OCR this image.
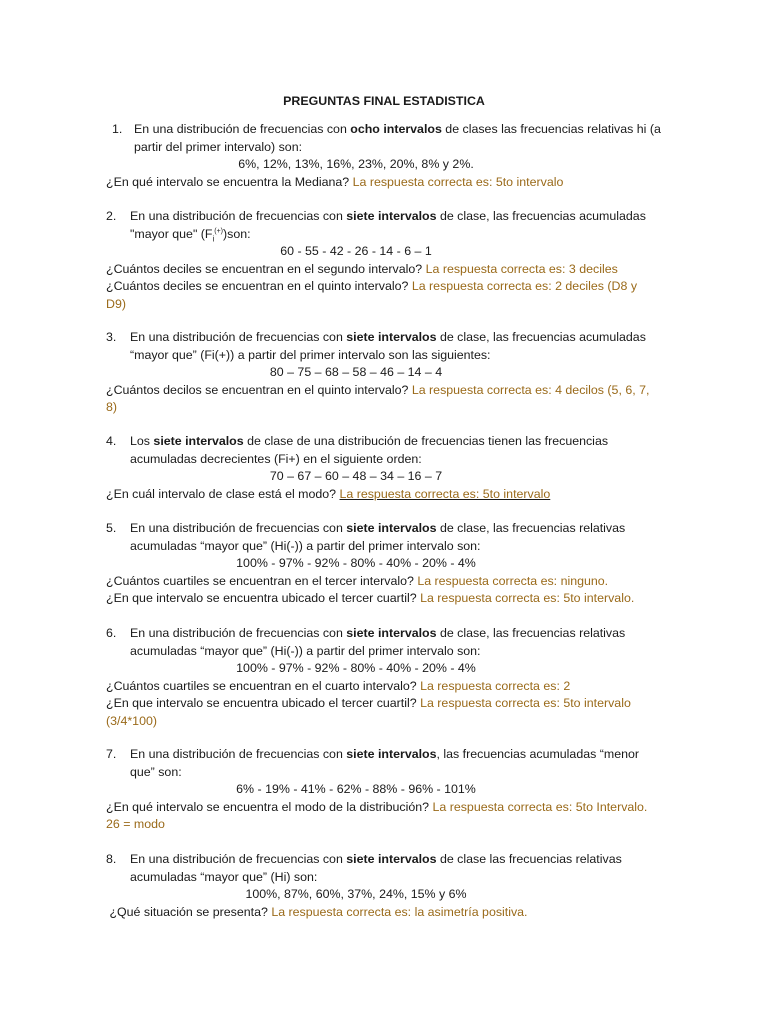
PREGUNTAS FINAL ESTADISTICA
1. En una distribución de frecuencias con ocho intervalos de clases las frecuencias relativas hi (a
partir del primer intervalo) son:
6%, 12%, 13%, 16%, 23%, 20%, 8% y 2%.
¿En qué intervalo se encuentra la Mediana? La respuesta correcta es: 5to intervalo
2.	En una distribución de frecuencias con siete intervalos de clase, las frecuencias acumuladas
"mayor que" $(F_i^{(+)})son$:
60 - 55 - 42 - 26 - 14 - 6 – 1
¿Cuántos deciles se encuentran en el segundo intervalo? La respuesta correcta es: 3 deciles
¿Cuántos deciles se encuentran en el quinto intervalo? La respuesta correcta es: 2 deciles (D8 y
D9)
3.	En una distribución de frecuencias con siete intervalos de clase, las frecuencias acumuladas
“mayor que” (Fi(+)) a partir del primer intervalo son las siguientes:
80 – 75 – 68 – 58 – 46 – 14 – 4
¿Cuántos decilos se encuentran en el quinto intervalo? La respuesta correcta es: 4 decilos (5, 6, 7,
8)
4.	Los siete intervalos de clase de una distribución de frecuencias tienen las frecuencias
acumuladas decrecientes (Fi+) en el siguiente orden:
70 – 67 – 60 – 48 – 34 – 16 – 7
¿En cuál intervalo de clase está el modo? La respuesta correcta es: 5to intervalo
5.	En una distribución de frecuencias con siete intervalos de clase, las frecuencias relativas
acumuladas “mayor que” (Hi(-)) a partir del primer intervalo son:
100% - 97% - 92% - 80% - 40% - 20% - 4%
¿Cuántos cuartiles se encuentran en el tercer intervalo? La respuesta correcta es: ninguno.
¿En que intervalo se encuentra ubicado el tercer cuartil? La respuesta correcta es: 5to intervalo.
6.	En una distribución de frecuencias con siete intervalos de clase, las frecuencias relativas
acumuladas “mayor que” (Hi(-)) a partir del primer intervalo son:
100% - 97% - 92% - 80% - 40% - 20% - 4%
¿Cuántos cuartiles se encuentran en el cuarto intervalo? La respuesta correcta es: 2
¿En que intervalo se encuentra ubicado el tercer cuartil? La respuesta correcta es: 5to intervalo
(3/4*100)
7.	En una distribución de frecuencias con siete intervalos, las frecuencias acumuladas “menor
que” son:
6% - 19% - 41% - 62% - 88% - 96% - 101%
¿En qué intervalo se encuentra el modo de la distribución? La respuesta correcta es: 5to Intervalo.
26 = modo
8.	En una distribución de frecuencias con siete intervalos de clase las frecuencias relativas
acumuladas “mayor que” (Hi) son:
100%, 87%, 60%, 37%, 24%, 15% y 6%
¿Qué situación se presenta? La respuesta correcta es: la asimetría positiva.
